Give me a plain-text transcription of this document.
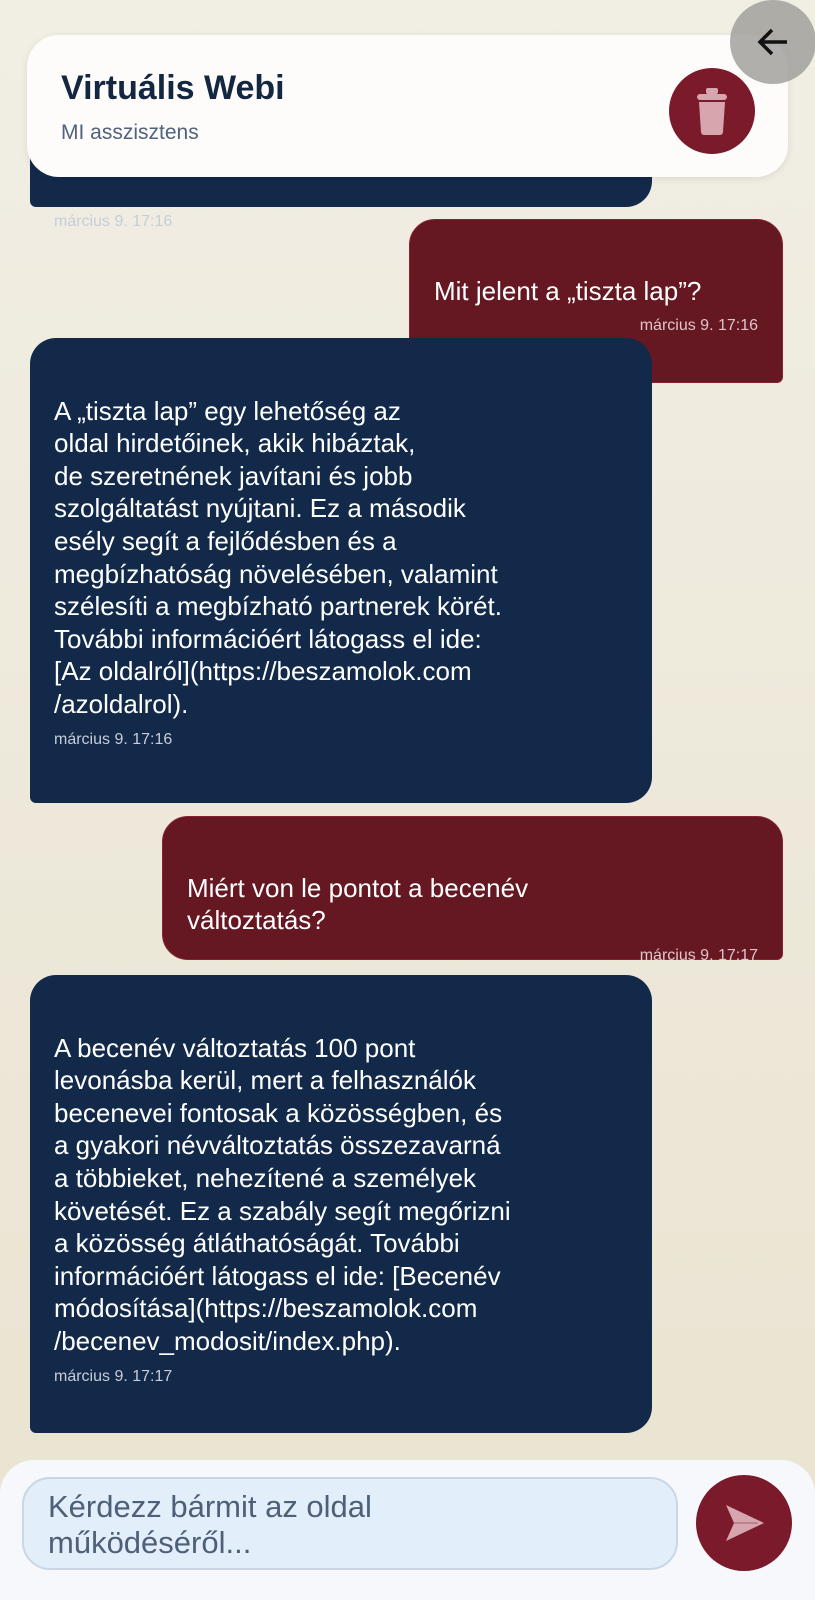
Virtuális Webi
MI asszisztens

március 9. 17:16

Mit jelent a „tiszta lap”?

március 9. 17:16

A „tiszta lap” egy lehetőség az
oldal hirdetőinek, akik hibáztak,
de szeretnének javítani és jobb
szolgáltatást nyújtani. Ez a második
esély segít a fejlődésben és a
megbízhatóság növelésében, valamint
szélesíti a megbízható partnerek körét.
További információért látogass el ide:
[Az oldalról](https://beszamolok.com
/azoldalrol).

március 9. 17:16

Miért von le pontot a becenév
változtatás?

március 9. 17:17

A becenév változtatás 100 pont
levonásba kerül, mert a felhasználók
becenevei fontosak a közösségben, és
a gyakori névváltoztatás összezavarná
a többieket, nehezítené a személyek
követését. Ez a szabály segít megőrizni
a közösség átláthatóságát. További
információért látogass el ide: [Becenév
módosítása](https://beszamolok.com
/becenev_modosit/index.php).

március 9. 17:17

Kérdezz bármit az oldal
működéséről...
